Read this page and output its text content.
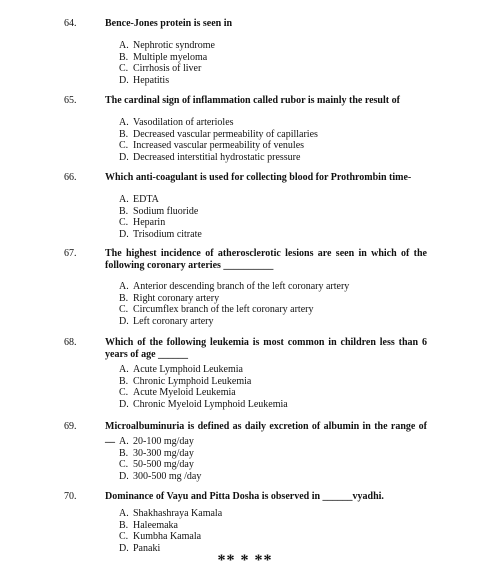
64.	Bence-Jones protein is seen in
A. Nephrotic syndrome
B. Multiple myeloma
C. Cirrhosis of liver
D. Hepatitis
65.	The cardinal sign of inflammation called rubor is mainly the result of
A. Vasodilation of arterioles
B. Decreased vascular permeability of capillaries
C. Increased vascular permeability of venules
D. Decreased interstitial hydrostatic pressure
66.	Which anti-coagulant is used for collecting blood for Prothrombin time-
A. EDTA
B. Sodium fluoride
C. Heparin
D. Trisodium citrate
67.	The highest incidence of atherosclerotic lesions are seen in which of the following coronary arteries __________
A. Anterior descending branch of the left coronary artery
B. Right coronary artery
C. Circumflex branch of the left coronary artery
D. Left coronary artery
68.	Which of the following leukemia is most common in children less than 6 years of age ______
A. Acute Lymphoid Leukemia
B. Chronic Lymphoid Leukemia
C. Acute Myeloid Leukemia
D. Chronic Myeloid Lymphoid Leukemia
69.	Microalbuminuria is defined as daily excretion of albumin in the range of __ A. 20-100 mg/day
B. 30-300 mg/day
C. 50-500 mg/day
D. 300-500 mg /day
70.	Dominance of Vayu and Pitta Dosha is observed in ______vyadhi.
A. Shakhashraya Kamala
B. Haleemaka
C. Kumbha Kamala
D. Panaki
** * **
